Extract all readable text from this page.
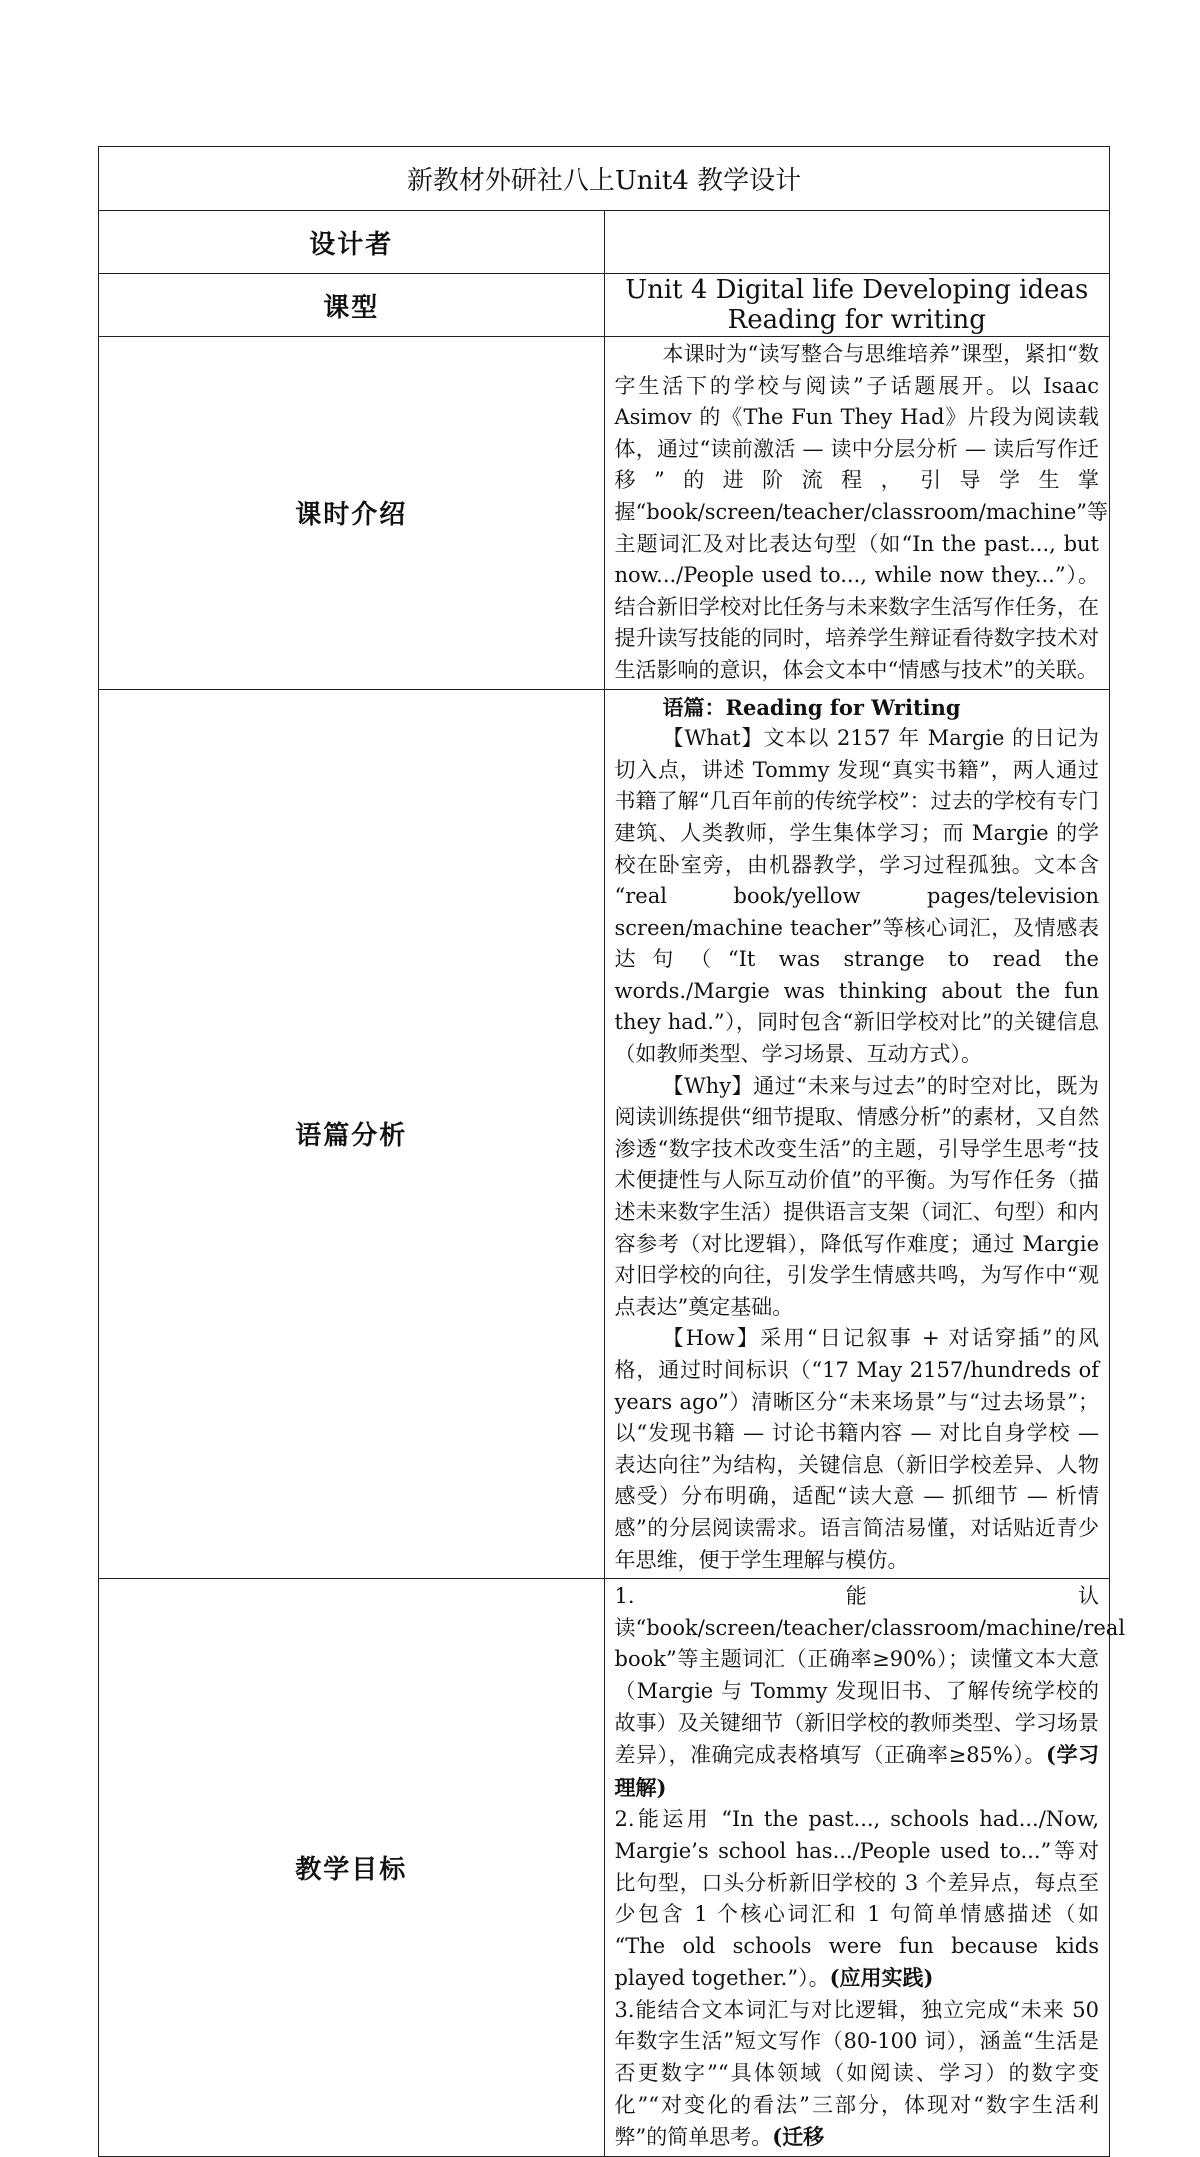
新教材外研社八上Unit4 教学设计	
设计者	
课型	Unit 4 Digital life Developing ideas Reading for writing
课时介绍	本课时为“读写整合与思维培养”课型，紧扣“数字生活下的学校与阅读”子话题展开。以 Isaac Asimov 的《The Fun They Had》片段为阅读载体，通过“读前激活 — 读中分层分析 — 读后写作迁移”的进阶流程，引导学生掌握“book/screen/teacher/classroom/machine”等主题词汇及对比表达句型（如“In the past..., but now.../People used to..., while now they...”）。结合新旧学校对比任务与未来数字生活写作任务，在提升读写技能的同时，培养学生辩证看待数字技术对生活影响的意识，体会文本中“情感与技术”的关联。

语篇分析	语篇：Reading for Writing

【What】文本以 2157 年 Margie 的日记为切入点，讲述 Tommy 发现“真实书籍”，两人通过书籍了解“几百年前的传统学校”：过去的学校有专门建筑、人类教师，学生集体学习；而 Margie 的学校在卧室旁，由机器教学，学习过程孤独。文本含 “real book/yellow pages/television screen/machine teacher”等核心词汇，及情感表达句（“It was strange to read the words./Margie was thinking about the fun they had.”），同时包含“新旧学校对比”的关键信息（如教师类型、学习场景、互动方式）。

【Why】通过“未来与过去”的时空对比，既为阅读训练提供“细节提取、情感分析”的素材，又自然渗透“数字技术改变生活”的主题，引导学生思考“技术便捷性与人际互动价值”的平衡。为写作任务（描述未来数字生活）提供语言支架（词汇、句型）和内容参考（对比逻辑），降低写作难度；通过 Margie 对旧学校的向往，引发学生情感共鸣，为写作中“观点表达”奠定基础。

【How】采用“日记叙事 + 对话穿插”的风格，通过时间标识（“17 May 2157/hundreds of years ago”）清晰区分“未来场景”与“过去场景”；以“发现书籍 — 讨论书籍内容 — 对比自身学校 — 表达向往”为结构，关键信息（新旧学校差异、人物感受）分布明确，适配“读大意 — 抓细节 — 析情感”的分层阅读需求。语言简洁易懂，对话贴近青少年思维，便于学生理解与模仿。

教学目标	1.能认读“book/screen/teacher/classroom/machine/real book”等主题词汇（正确率≥90%）；读懂文本大意（Margie 与 Tommy 发现旧书、了解传统学校的故事）及关键细节（新旧学校的教师类型、学习场景差异），准确完成表格填写（正确率≥85%）。(学习理解)

2.能运用 “In the past..., schools had.../Now, Margie’s school has.../People used to...”等对比句型，口头分析新旧学校的 3 个差异点，每点至少包含 1 个核心词汇和 1 句简单情感描述（如 “The old schools were fun because kids played together.”）。(应用实践)

3.能结合文本词汇与对比逻辑，独立完成“未来 50 年数字生活”短文写作（80-100 词），涵盖“生活是否更数字”“具体领域（如阅读、学习）的数字变化”“对变化的看法”三部分，体现对“数字生活利弊”的简单思考。(迁移
